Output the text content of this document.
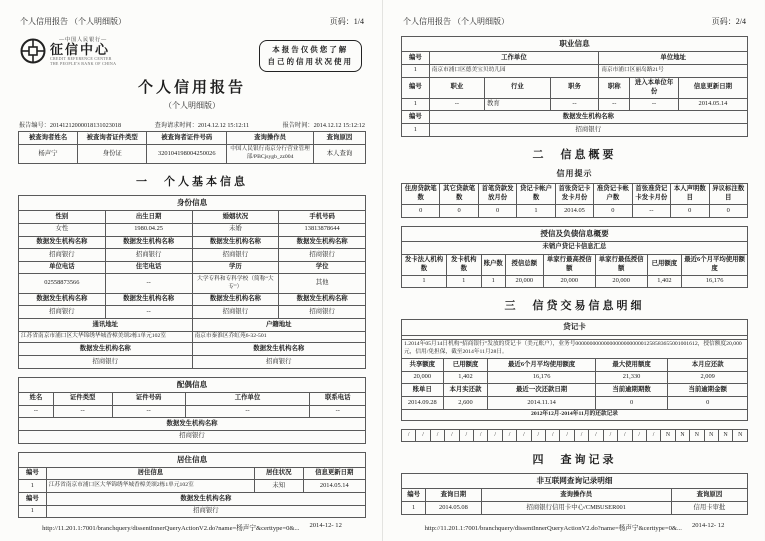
个人信用报告 （个人明细版）	页码：1/4
—中国人民银行—
征信中心
CREDIT REFERENCE CENTER
THE PEOPLE'S BANK OF CHINA
本报告仅供您了解
自己的信用状况使用
个人信用报告
（个人明细版）
报告编号：20141212000018131023018	查询请求时间：2014.12.12 15:12:11	报告时间：2014.12.12 15:12:12
被查询者姓名	被查询者证件类型	被查询者证件号码	查询操作员	查询原因
杨声宁	身份证	320104198004250026	中国人民银行南京分行营业管理部/PBCjsygb_zz004	本人查询
一　个人基本信息
身份信息			
性别	出生日期	婚姻状况	手机号码
女性	1980.04.25	未婚	13813878644
数据发生机构名称	数据发生机构名称	数据发生机构名称	数据发生机构名称
招商银行	招商银行	招商银行	招商银行
单位电话	住宅电话	学历	学位
02558873566	--	大学专科和专科学校（简称“大专”）	其他
数据发生机构名称	数据发生机构名称	数据发生机构名称	数据发生机构名称
招商银行	--	招商银行	招商银行
通讯地址		户籍地址	
江苏省南京市浦口区大华锦绣华城香樟美颂2栋1单元102室		南京市秦淮区乔虹苑6-32-501	
数据发生机构名称		数据发生机构名称	
招商银行		招商银行	
配偶信息				
姓名	证件类型	证件号码	工作单位	联系电话
--	--	--	--	--
数据发生机构名称				
招商银行				
居住信息			
编号	居住信息	居住状况	信息更新日期
1	江苏省南京市浦口区大华锦绣华城香樟美颂2栋1单元102室	未知	2014.05.14
编号	数据发生机构名称		
1	招商银行		
http://11.201.1:7001/branchquery/dissentInnerQueryActionV2.do?name=杨声宁&certtype=0&... 2014-12- 12
个人信用报告 （个人明细版）	页码：2/4
职业信息						
编号	工作单位			单位地址		
1	南京市浦口区德美宝贝幼儿园			南京市浦口区丽岛路21号		
编号	职业	行业	职务	职称	进入本单位年份	信息更新日期
1	--	教育	--	--	--	2014.05.14
编号	数据发生机构名称					
1	招商银行					
二　信息概要
信用提示
住房贷款笔数	其它贷款笔数	首笔贷款发放月份	贷记卡帐户数	首张贷记卡发卡月份	准贷记卡帐户数	首张准贷记卡发卡月份	本人声明数目	异议标注数目
0	0	0	1	2014.05	0	--	0	0
授信及负债信息概要							
未销户贷记卡信息汇总							
发卡法人机构数	发卡机构数	账户数	授信总额	单家行最高授信额	单家行最低授信额	已用额度	最近6个月平均使用额度
1	1	1	20,000	20,000	20,000	1,402	16,176
三　信贷交易信息明细
贷记卡				

1.2014年05月14日机构“招商银行”发放的贷记卡（美元账户），业务号0000000000000000000000001258583655001001612，授信额度20,000元，信用/免担保，截至2014年11月28日。				
共享额度	已用额度	最近6个月平均使用额度	最大使用额度	本月应还款
20,000	1,402	16,176	21,330	2,009
账单日	本月实还款	最近一次还款日期	当前逾期期数	当前逾期金额
2014.09.28	2,600	2014.11.14	0	0
2012年12月-2014年11月的还款记录				
/	/	/	/	/	/	/	/	/	/	/	/	/	/	/	/	/	/	N	N	N	N	N	N
四　查询记录
非互联网查询记录明细			
编号	查询日期	查询操作员	查询原因
1	2014.05.08	招商银行信用卡中心/CMBUSER001	信用卡审批
http://11.201.1:7001/branchquery/dissentInnerQueryActionV2.do?name=杨声宁&certtype=0&... 2014-12- 12
